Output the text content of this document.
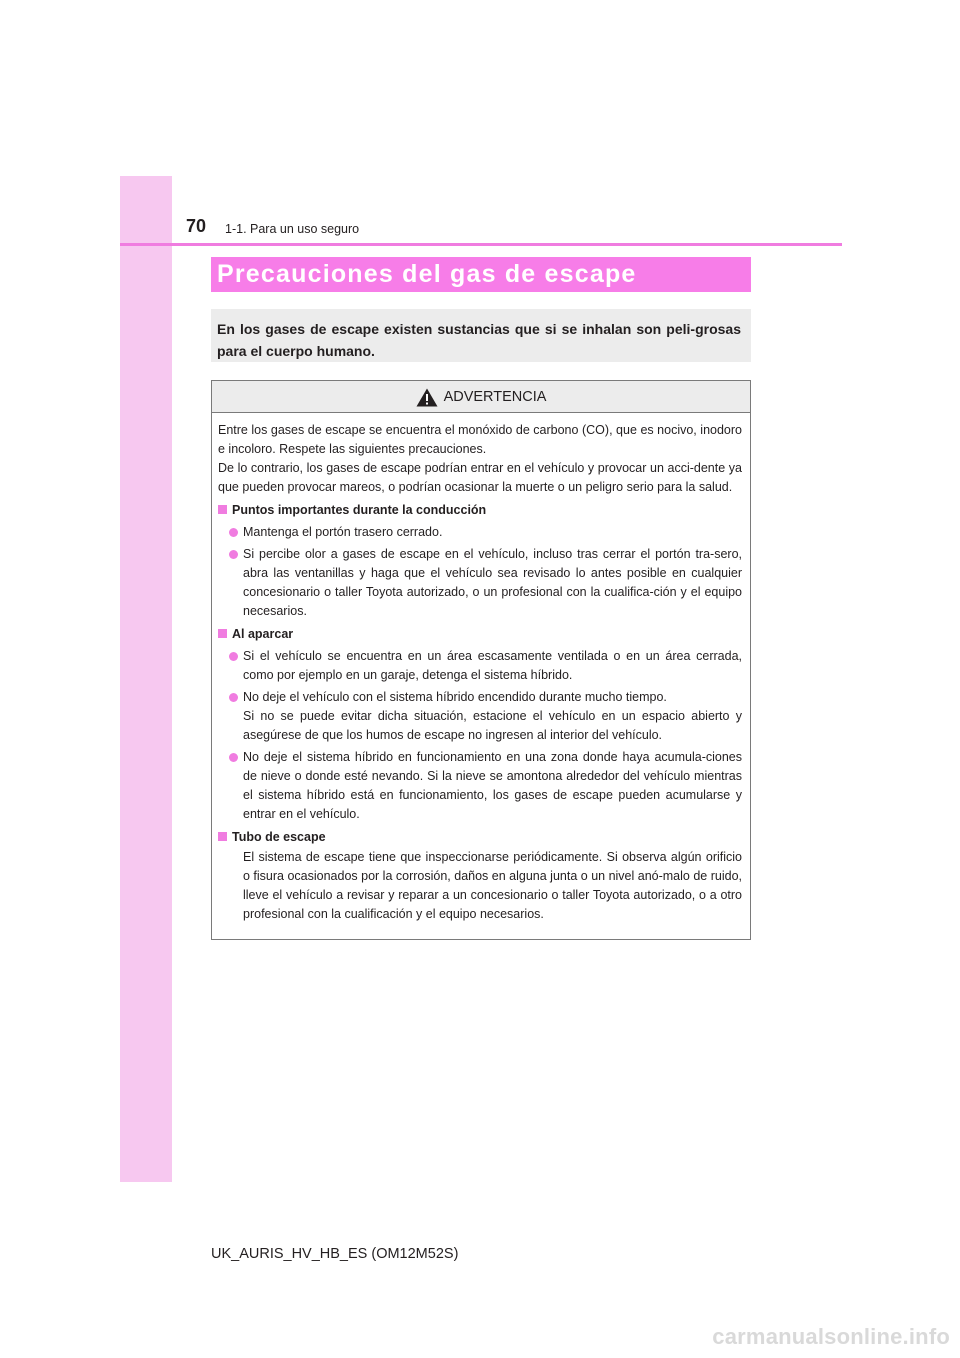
70 1-1. Para un uso seguro
Precauciones del gas de escape
En los gases de escape existen sustancias que si se inhalan son peli-grosas para el cuerpo humano.
ADVERTENCIA
Entre los gases de escape se encuentra el monóxido de carbono (CO), que es nocivo, inodoro e incoloro. Respete las siguientes precauciones.
De lo contrario, los gases de escape podrían entrar en el vehículo y provocar un acci-dente ya que pueden provocar mareos, o podrían ocasionar la muerte o un peligro serio para la salud.
Puntos importantes durante la conducción
Mantenga el portón trasero cerrado.
Si percibe olor a gases de escape en el vehículo, incluso tras cerrar el portón tra-sero, abra las ventanillas y haga que el vehículo sea revisado lo antes posible en cualquier concesionario o taller Toyota autorizado, o un profesional con la cualifica-ción y el equipo necesarios.
Al aparcar
Si el vehículo se encuentra en un área escasamente ventilada o en un área cerrada, como por ejemplo en un garaje, detenga el sistema híbrido.
No deje el vehículo con el sistema híbrido encendido durante mucho tiempo.
Si no se puede evitar dicha situación, estacione el vehículo en un espacio abierto y asegúrese de que los humos de escape no ingresen al interior del vehículo.
No deje el sistema híbrido en funcionamiento en una zona donde haya acumula-ciones de nieve o donde esté nevando. Si la nieve se amontona alrededor del vehículo mientras el sistema híbrido está en funcionamiento, los gases de escape pueden acumularse y entrar en el vehículo.
Tubo de escape
El sistema de escape tiene que inspeccionarse periódicamente. Si observa algún orificio o fisura ocasionados por la corrosión, daños en alguna junta o un nivel anó-malo de ruido, lleve el vehículo a revisar y reparar a un concesionario o taller Toyota autorizado, o a otro profesional con la cualificación y el equipo necesarios.
UK_AURIS_HV_HB_ES (OM12M52S)
carmanualsonline.info
